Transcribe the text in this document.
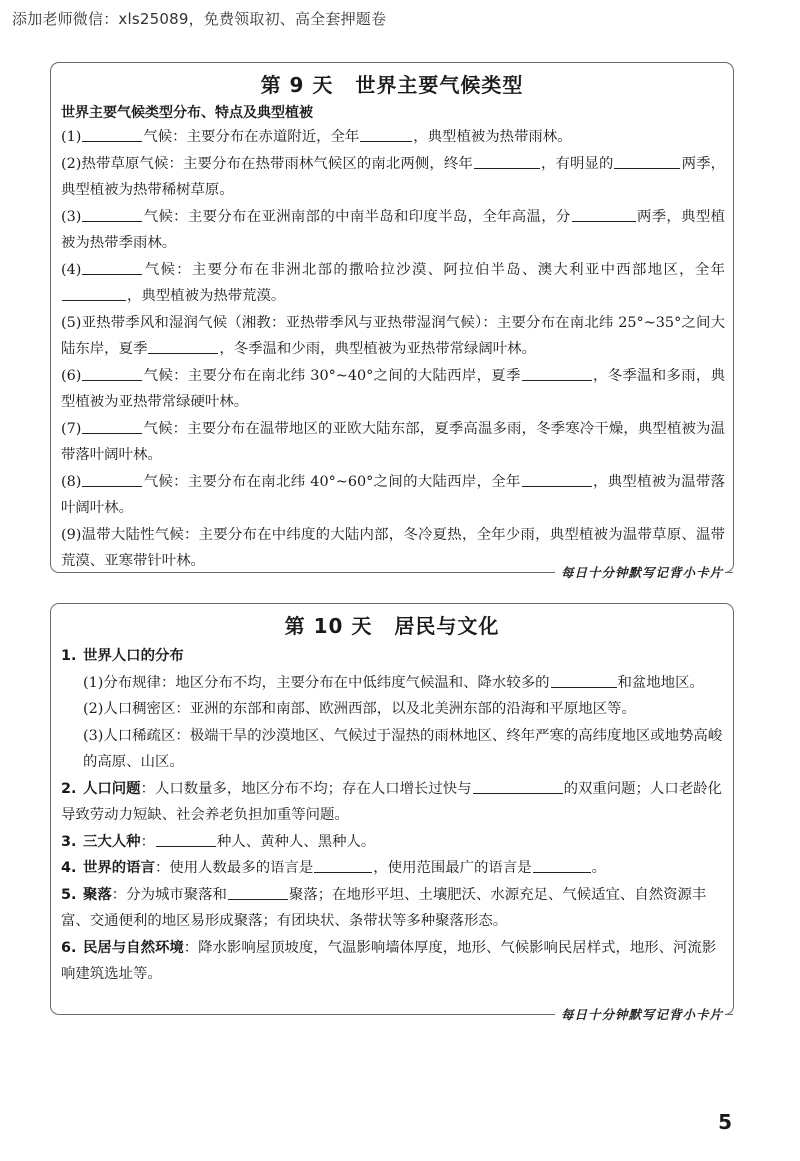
添加老师微信：xls25089，免费领取初、高全套押题卷
第 9 天 世界主要气候类型
世界主要气候类型分布、特点及典型植被

(1)	气候：主要分布在赤道附近，全年	，典型植被为热带雨林。

(2)热带草原气候：主要分布在热带雨林气候区的南北两侧，终年	，有明显的	两季，典型植被为热带稀树草原。

(3)	气候：主要分布在亚洲南部的中南半岛和印度半岛，全年高温，分	两季，典型植被为热带季雨林。

(4)	气候：主要分布在非洲北部的撒哈拉沙漠、阿拉伯半岛、澳大利亚中西部地区，全年，典型植被为热带荒漠。

(5)亚热带季风和湿润气候（湘教：亚热带季风与亚热带湿润气候）：主要分布在南北纬 25°~35°之间大陆东岸，夏季	，冬季温和少雨，典型植被为亚热带常绿阔叶林。

(6)	气候：主要分布在南北纬 30°~40°之间的大陆西岸，夏季	，冬季温和多雨，典型植被为亚热带常绿硬叶林。

(7)	气候：主要分布在温带地区的亚欧大陆东部，夏季高温多雨，冬季寒冷干燥，典型植被为温带落叶阔叶林。

(8)	气候：主要分布在南北纬 40°~60°之间的大陆西岸，全年	，典型植被为温带落叶阔叶林。

(9)温带大陆性气候：主要分布在中纬度的大陆内部，冬冷夏热，全年少雨，典型植被为温带草原、温带荒漠、亚寒带针叶林。

每日十分钟默写记背小卡片
第 10 天 居民与文化

1. 世界人口的分布

(1)分布规律：地区分布不均，主要分布在中低纬度气候温和、降水较多的	和盆地地区。

(2)人口稠密区：亚洲的东部和南部、欧洲西部，以及北美洲东部的沿海和平原地区等。

(3)人口稀疏区：极端干旱的沙漠地区、气候过于湿热的雨林地区、终年严寒的高纬度地区或地势高峻的高原、山区。

2. 人口问题：人口数量多，地区分布不均；存在人口增长过快与	的双重问题；人口老龄化导致劳动力短缺、社会养老负担加重等问题。

3. 三大人种：	种人、黄种人、黑种人。

4. 世界的语言：使用人数最多的语言是	，使用范围最广的语言是	。

5. 聚落：分为城市聚落和	聚落；在地形平坦、土壤肥沃、水源充足、气候适宜、自然资源丰富、交通便利的地区易形成聚落；有团块状、条带状等多种聚落形态。

6. 民居与自然环境：降水影响屋顶坡度，气温影响墙体厚度，地形、气候影响民居样式，地形、河流影响建筑选址等。

每日十分钟默写记背小卡片
5
